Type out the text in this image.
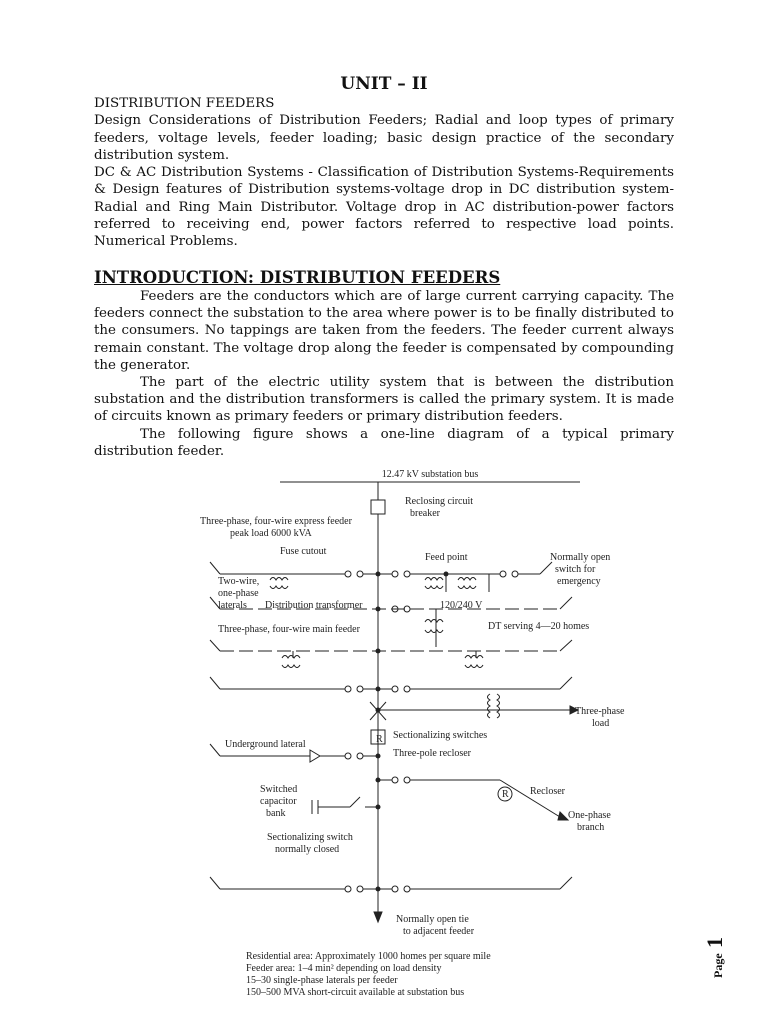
UNIT – II

DISTRIBUTION FEEDERS

Design Considerations of Distribution Feeders; Radial and loop types of primary feeders, voltage levels, feeder loading; basic design practice of the secondary distribution system.

DC & AC Distribution Systems - Classification of Distribution Systems-Requirements & Design features of Distribution systems-voltage drop in DC distribution system-Radial and Ring Main Distributor. Voltage drop in AC distribution-power factors referred to receiving end, power factors referred to respective load points. Numerical Problems.

INTRODUCTION: DISTRIBUTION FEEDERS

Feeders are the conductors which are of large current carrying capacity. The feeders connect the substation to the area where power is to be finally distributed to the consumers. No tappings are taken from the feeders. The feeder current always remain constant. The voltage drop along the feeder is compensated by compounding the generator.

The part of the electric utility system that is between the distribution substation and the distribution transformers is called the primary system. It is made of circuits known as primary feeders or primary distribution feeders.

The following figure shows a one-line diagram of a typical primary distribution feeder.

12.47 kV substation bus
Reclosing circuit
breaker
Three-phase, four-wire express feeder
peak load 6000 kVA
Fuse cutout
Feed point	Normally open
switch for
emergency
Two-wire,
one-phase
laterals Distribution transformer	120/240 V
Three-phase, four-wire main feeder	DT serving 4—20 homes
Three-phase
load
Sectionalizing switches
R
Underground lateral
Three-pole recloser
Recloser
R
Switched
capacitor
bank	One-phase
branch
Sectionalizing switch
normally closed
Normally open tie
to adjacent feeder
Residential area: Approximately 1000 homes per square mile
Feeder area: 1–4 min² depending on load density
15–30 single-phase laterals per feeder
150–500 MVA short-circuit available at substation bus
Page
1
